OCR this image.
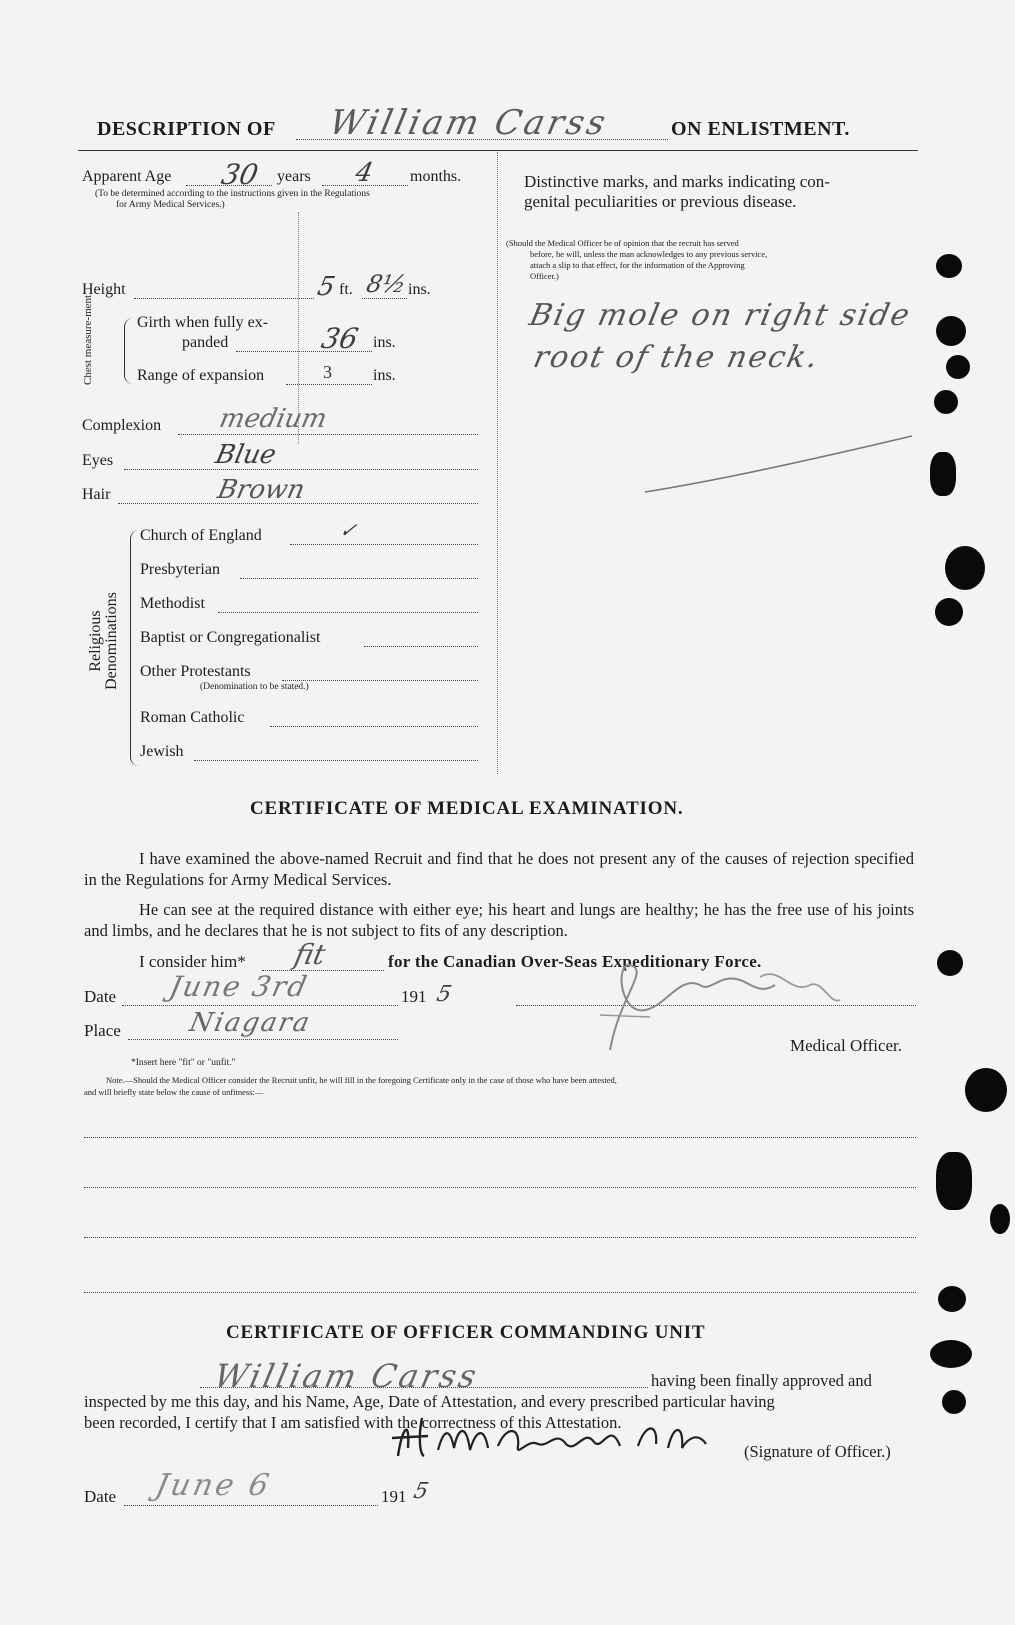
DESCRIPTION OF William Carss	ON ENLISTMENT.
Apparent Age 30 years 4 months.
(To be determined according to the instructions given in the Regulations
for Army Medical Services.)
Height	5 ft. 8½ ins.
Chest measure-ment	Girth when fully ex-
panded	36 ins.
Range of expansion	3	ins.
Complexion medium
Eyes	Blue
Hair	Brown
Religious
Denominations
Church of England	✓
Presbyterian
Methodist
Baptist or Congregationalist
Other Protestants
(Denomination to be stated.)
Roman Catholic
Jewish
Distinctive marks, and marks indicating con-
genital peculiarities or previous disease.
(Should the Medical Officer be of opinion that the recruit has served
before, he will, unless the man acknowledges to any previous service,
attach a slip to that effect, for the information of the Approving
Officer.)
Big mole on right side
root of the neck.
CERTIFICATE OF MEDICAL EXAMINATION.
I have examined the above-named Recruit and find that he does not present any of the causes of rejection specified in the Regulations for Army Medical Services.
He can see at the required distance with either eye; his heart and lungs are healthy; he has the free use of his joints and limbs, and he declares that he is not subject to fits of any description.
I consider him* fit	for the Canadian Over-Seas Expeditionary Force.
Date June 3rd	191 5
Place	Niagara
Medical Officer.
*Insert here "fit" or "unfit."
Note.—Should the Medical Officer consider the Recruit unfit, he will fill in the foregoing Certificate only in the case of those who have been attested,
and will briefly state below the cause of unfitness:—
CERTIFICATE OF OFFICER COMMANDING UNIT
William Carss	having been finally approved and
inspected by me this day, and his Name, Age, Date of Attestation, and every prescribed particular having
been recorded, I certify that I am satisfied with the correctness of this Attestation.
(Signature of Officer.)
Date June 6	191 5
